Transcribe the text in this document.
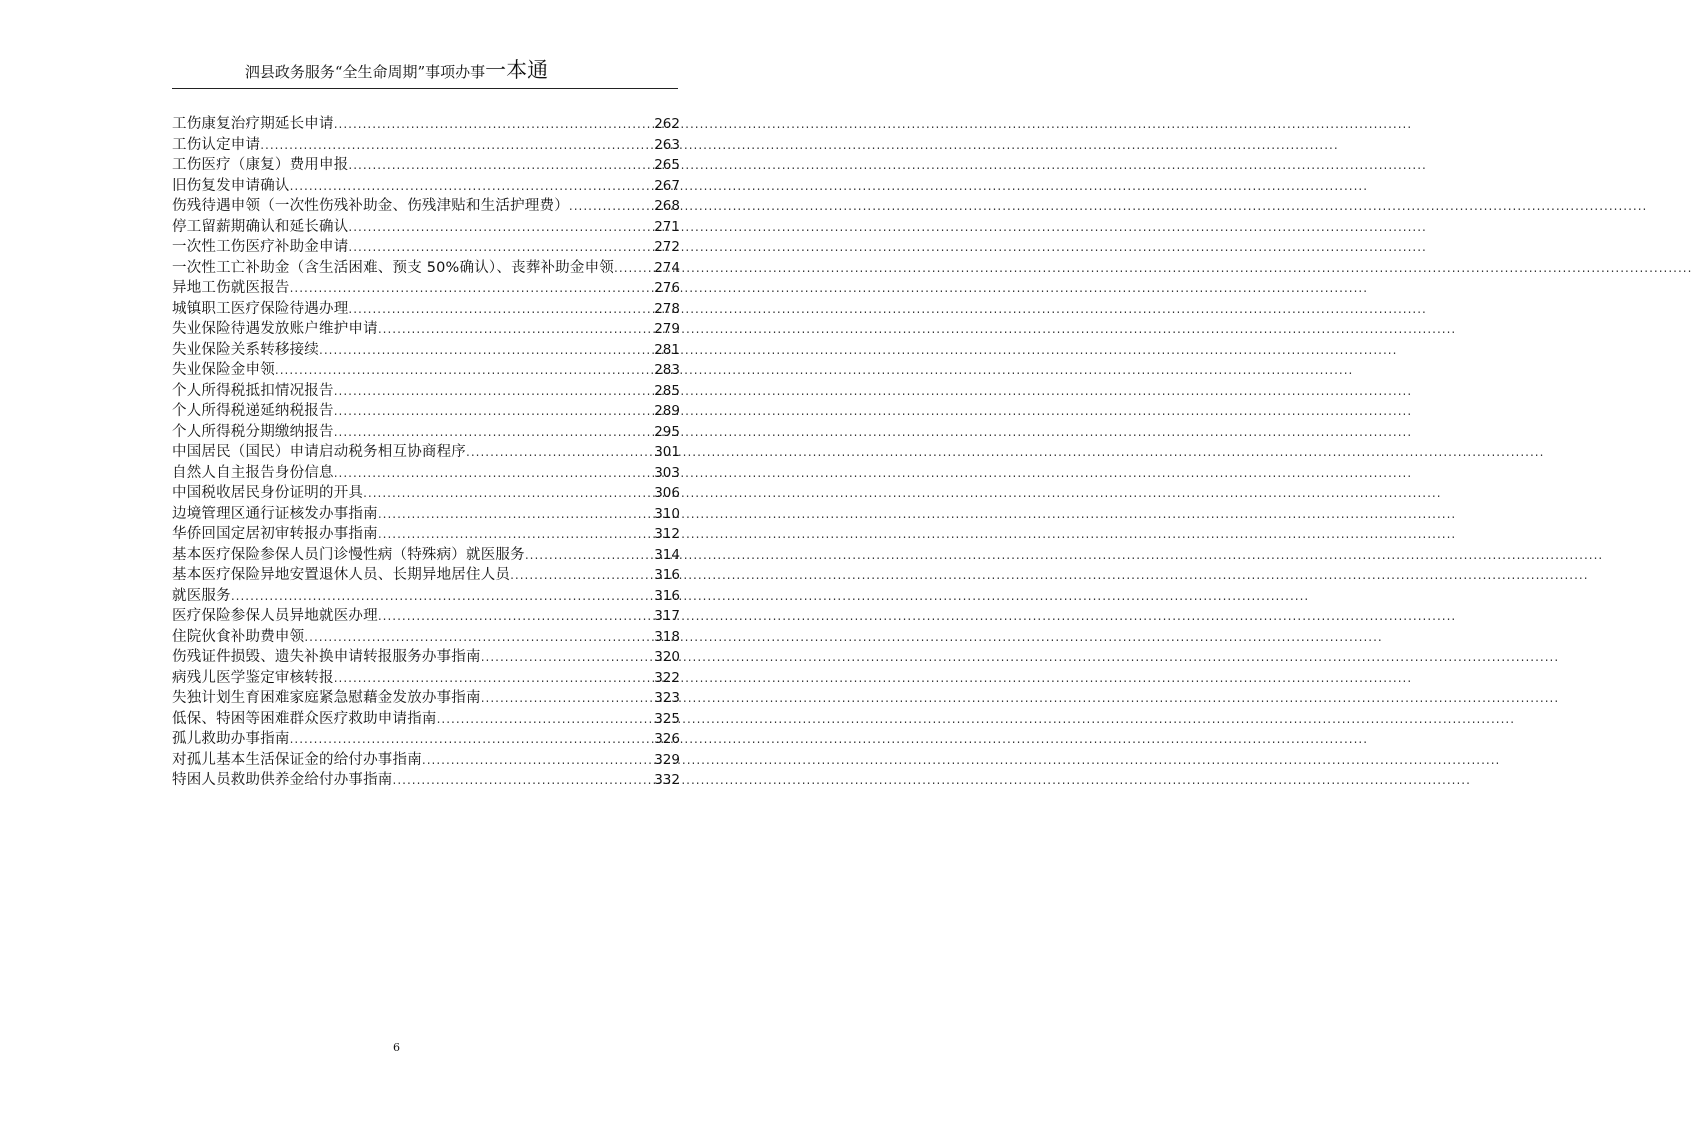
泗县政务服务“全生命周期”事项办事一本通
工伤康复治疗期延长申请 .....	262
工伤认定申请 .....	263
工伤医疗（康复）费用申报 .....	265
旧伤复发申请确认 .....	267
伤残待遇申领（一次性伤残补助金、伤残津贴和生活护理费） .....	268
停工留薪期确认和延长确认 .....	271
一次性工伤医疗补助金申请 .....	272
一次性工亡补助金（含生活困难、预支 50%确认）、丧葬补助金申领 .....	274
异地工伤就医报告 .....	276
城镇职工医疗保险待遇办理 .....	278
失业保险待遇发放账户维护申请 .....	279
失业保险关系转移接续 .....	281
失业保险金申领 .....	283
个人所得税抵扣情况报告 .....	285
个人所得税递延纳税报告 .....	289
个人所得税分期缴纳报告 .....	295
中国居民（国民）申请启动税务相互协商程序 .....	301
自然人自主报告身份信息 .....	303
中国税收居民身份证明的开具 .....	306
边境管理区通行证核发办事指南 .....	310
华侨回国定居初审转报办事指南 .....	312
基本医疗保险参保人员门诊慢性病（特殊病）就医服务 .....	314
基本医疗保险异地安置退休人员、长期异地居住人员 .....	316
就医服务 .....	316
医疗保险参保人员异地就医办理 .....	317
住院伙食补助费申领 .....	318
伤残证件损毁、遗失补换申请转报服务办事指南 .....	320
病残儿医学鉴定审核转报 .....	322
失独计划生育困难家庭紧急慰藉金发放办事指南 .....	323
低保、特困等困难群众医疗救助申请指南 .....	325
孤儿救助办事指南 .....	326
对孤儿基本生活保证金的给付办事指南 .....	329
特困人员救助供养金给付办事指南 .....	332
6
